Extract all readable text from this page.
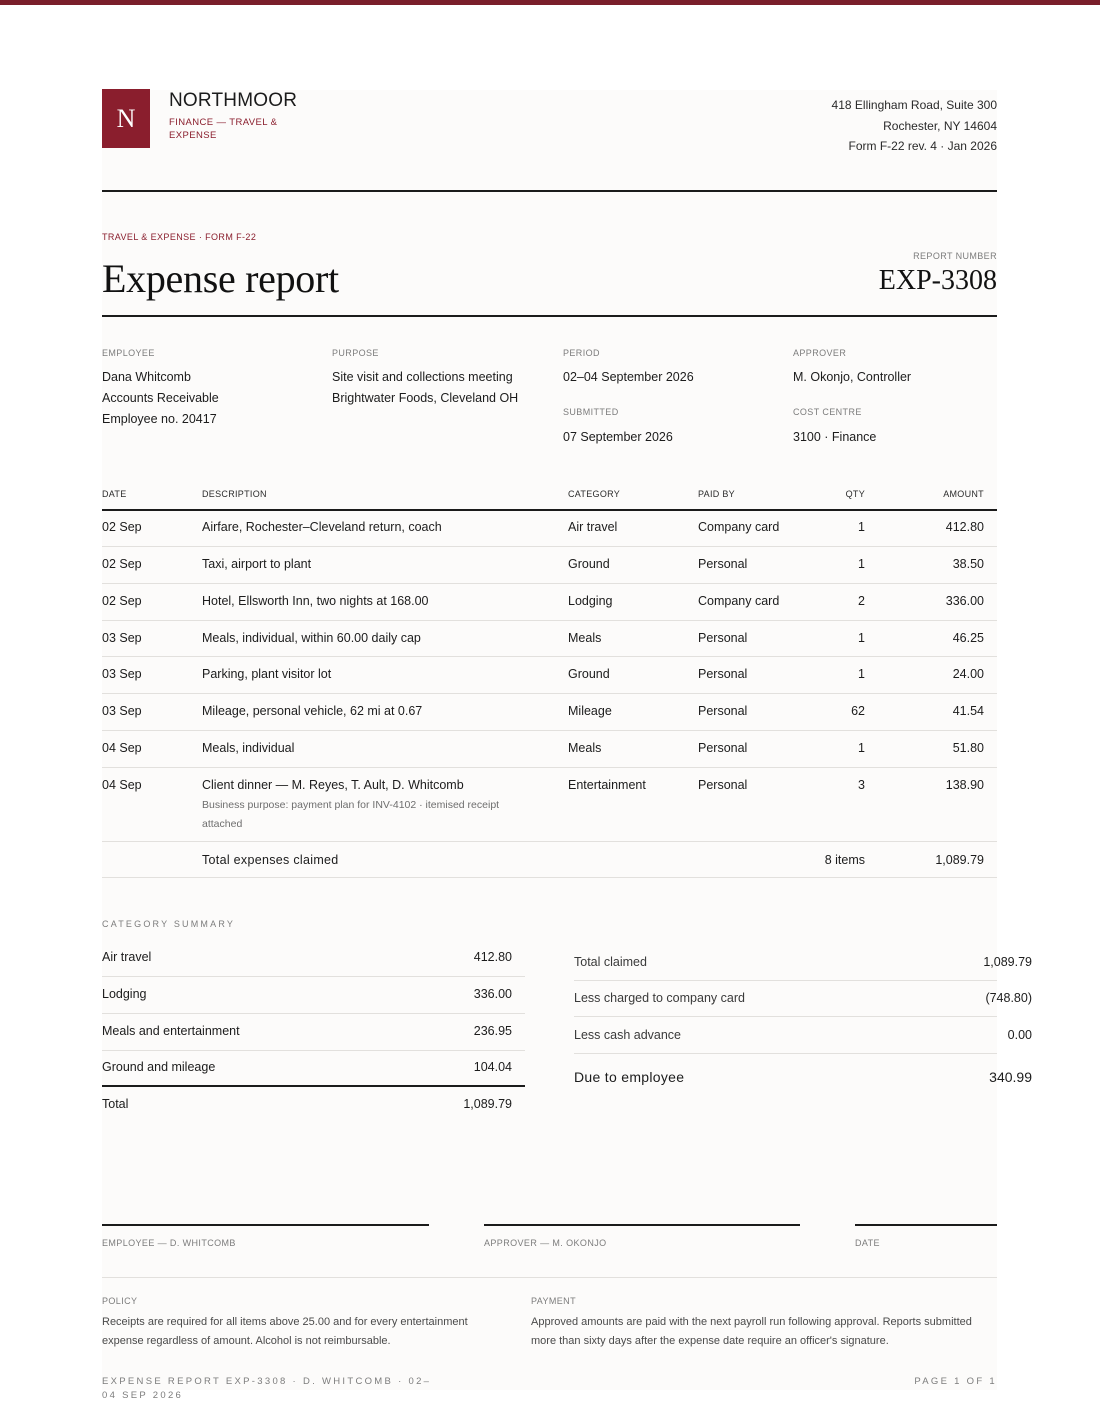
N
NORTHMOOR
FINANCE — TRAVEL & EXPENSE
418 Ellingham Road, Suite 300
Rochester, NY 14604
Form F-22 rev. 4 · Jan 2026
TRAVEL & EXPENSE · FORM F-22
Expense report	REPORT NUMBER
EXP-3308
EMPLOYEE
Dana Whitcomb
Accounts Receivable
Employee no. 20417
PURPOSE
Site visit and collections meeting
Brightwater Foods, Cleveland OH
PERIOD
02–04 September 2026
SUBMITTED
07 September 2026
APPROVER
M. Okonjo, Controller
COST CENTRE
3100 · Finance
DATE	DESCRIPTION	CATEGORY	PAID BY	QTY	AMOUNT
02 Sep	Airfare, Rochester–Cleveland return, coach	Air travel	Company card	1	412.80
02 Sep	Taxi, airport to plant	Ground	Personal	1	38.50
02 Sep	Hotel, Ellsworth Inn, two nights at 168.00	Lodging	Company card	2	336.00
03 Sep	Meals, individual, within 60.00 daily cap	Meals	Personal	1	46.25
03 Sep	Parking, plant visitor lot	Ground	Personal	1	24.00
03 Sep	Mileage, personal vehicle, 62 mi at 0.67	Mileage	Personal	62	41.54
04 Sep	Meals, individual	Meals	Personal	1	51.80
04 Sep	Client dinner — M. Reyes, T. Ault, D. Whitcomb	Entertainment	Personal	3	138.90
Business purpose: payment plan for INV-4102 · itemised receipt
attached
Total expenses claimed	8 items	1,089.79
CATEGORY SUMMARY
Air travel	412.80
Lodging	336.00
Meals and entertainment	236.95
Ground and mileage	104.04
Total	1,089.79
Total claimed	1,089.79
Less charged to company card	(748.80)
Less cash advance	0.00
Due to employee	340.99
EMPLOYEE — D. WHITCOMB	APPROVER — M. OKONJO	DATE
POLICY
Receipts are required for all items above 25.00 and for every entertainment
expense regardless of amount. Alcohol is not reimbursable.
PAYMENT
Approved amounts are paid with the next payroll run following approval. Reports submitted
more than sixty days after the expense date require an officer's signature.
EXPENSE REPORT EXP-3308 · D. WHITCOMB · 02–
04 SEP 2026
PAGE 1 OF 1
